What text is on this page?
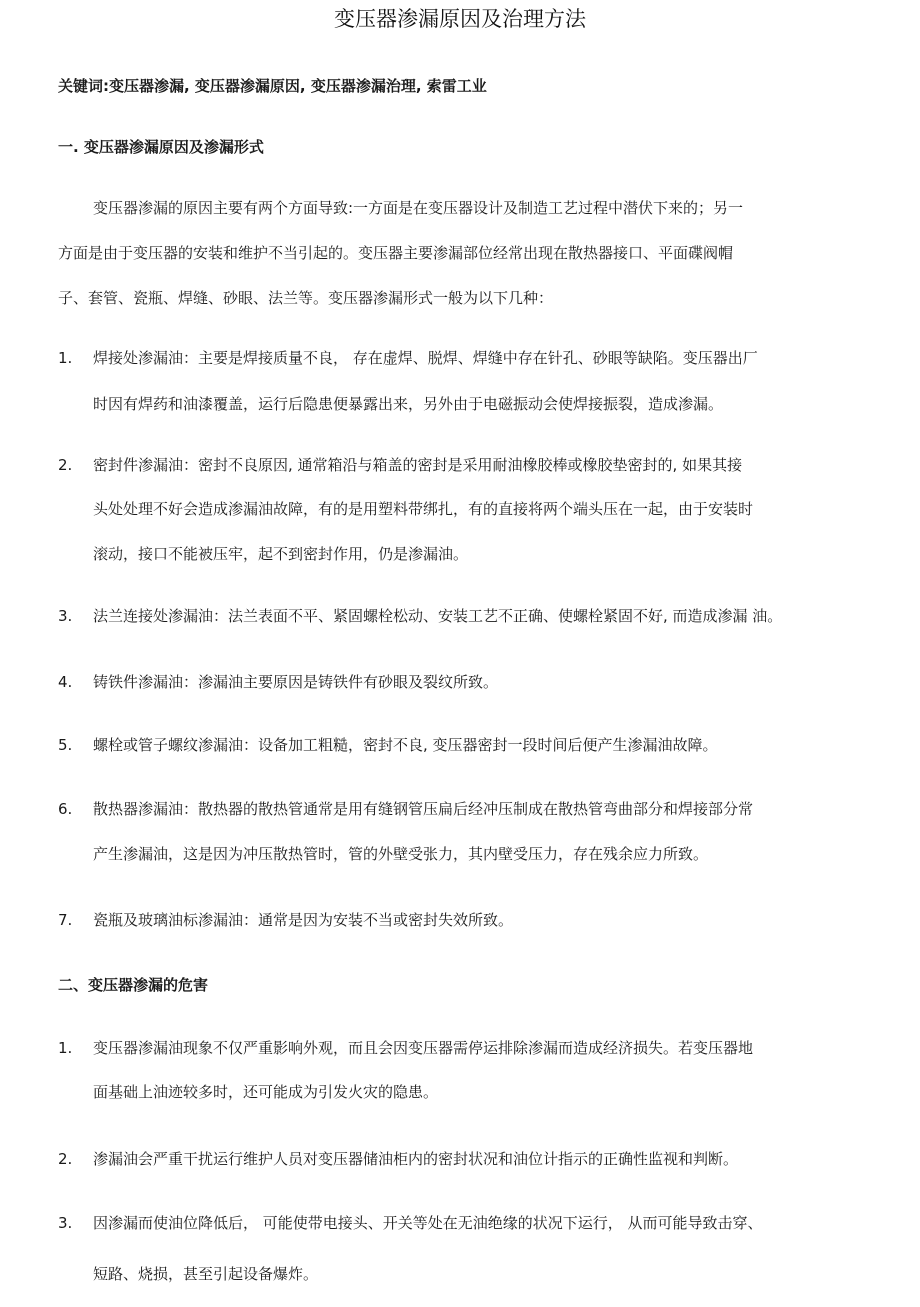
变压器渗漏原因及治理方法
关键词:变压器渗漏, 变压器渗漏原因, 变压器渗漏治理, 索雷工业
一. 变压器渗漏原因及渗漏形式
变压器渗漏的原因主要有两个方面导致:一方面是在变压器设计及制造工艺过程中潜伏下来的；另一
方面是由于变压器的安装和维护不当引起的。变压器主要渗漏部位经常出现在散热器接口、平面碟阀帽
子、套管、瓷瓶、焊缝、砂眼、法兰等。变压器渗漏形式一般为以下几种：
1. 焊接处渗漏油：主要是焊接质量不良， 存在虚焊、脱焊、焊缝中存在针孔、砂眼等缺陷。变压器出厂
时因有焊药和油漆覆盖，运行后隐患便暴露出来，另外由于电磁振动会使焊接振裂，造成渗漏。
2. 密封件渗漏油：密封不良原因, 通常箱沿与箱盖的密封是采用耐油橡胶棒或橡胶垫密封的, 如果其接
头处处理不好会造成渗漏油故障，有的是用塑料带绑扎，有的直接将两个端头压在一起，由于安装时
滚动，接口不能被压牢，起不到密封作用，仍是渗漏油。
3. 法兰连接处渗漏油：法兰表面不平、紧固螺栓松动、安装工艺不正确、使螺栓紧固不好, 而造成渗漏 油。
4. 铸铁件渗漏油：渗漏油主要原因是铸铁件有砂眼及裂纹所致。
5. 螺栓或管子螺纹渗漏油：设备加工粗糙，密封不良, 变压器密封一段时间后便产生渗漏油故障。
6. 散热器渗漏油：散热器的散热管通常是用有缝钢管压扁后经冲压制成在散热管弯曲部分和焊接部分常
产生渗漏油，这是因为冲压散热管时，管的外壁受张力，其内壁受压力，存在残余应力所致。
7. 瓷瓶及玻璃油标渗漏油：通常是因为安装不当或密封失效所致。
二、变压器渗漏的危害
1. 变压器渗漏油现象不仅严重影响外观，而且会因变压器需停运排除渗漏而造成经济损失。若变压器地
面基础上油迹较多时，还可能成为引发火灾的隐患。
2. 渗漏油会严重干扰运行维护人员对变压器储油柜内的密封状况和油位计指示的正确性监视和判断。
3. 因渗漏而使油位降低后， 可能使带电接头、开关等处在无油绝缘的状况下运行， 从而可能导致击穿、
短路、烧损，甚至引起设备爆炸。
